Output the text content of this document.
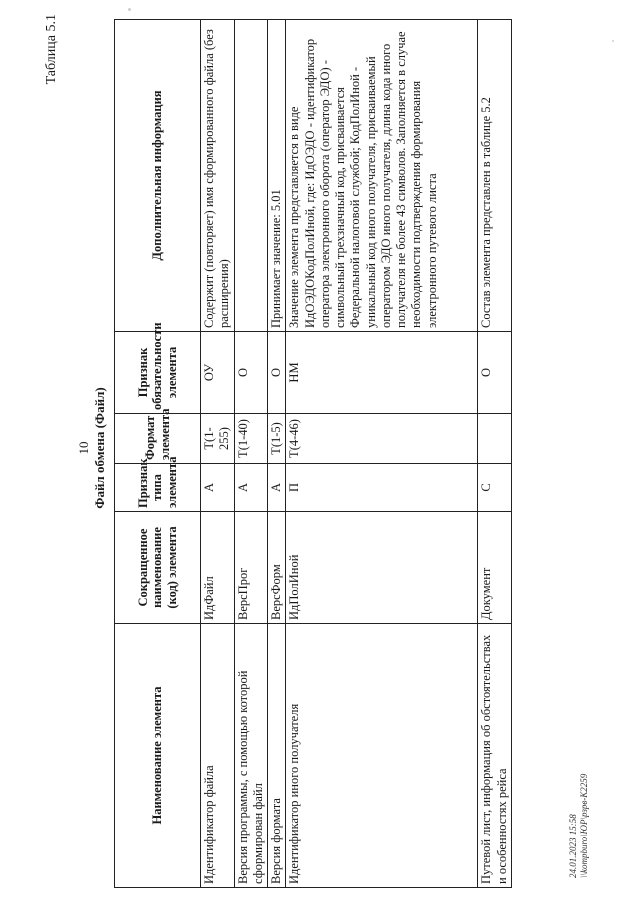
Таблица 5.1
10 Файл обмена (Файл)
Наименование элемента	Сокращенное наименование (код) элемента	Признак типа элемента	Формат элемента	Признак обязательности элемента	Дополнительная информация
Идентификатор файла	ИдФайл	А	Т(1-255)	ОУ	Содержит (повторяет) имя сформированного файла (без расширения)
Версия программы, с помощью которой сформирован файл	ВерсПрог	А	Т(1-40)	О	
Версия формата	ВерсФорм	А	Т(1-5)	О	Принимает значение: 5.01
Идентификатор иного получателя	ИдПолИной	П	Т(4-46)	НМ	Значение элемента представляется в виде ИдОЭДОКодПолИной, где: ИдОЭДО - идентификатор оператора электронного оборота (оператор ЭДО) - символьный трехзначный код, присваивается Федеральной налоговой службой; КодПолИной - уникальный код иного получателя, присваиваемый оператором ЭДО иного получателя, длина кода иного получателя не более 43 символов. Заполняется в случае необходимости подтверждения формирования электронного путевого листа
Путевой лист, информация об обстоятельствах и особенностях рейса	Документ	С		О	Состав элемента представлен в таблице 5.2
24.01.2023 15:58 \\kompburo\ЮР\рзрв-К2259
